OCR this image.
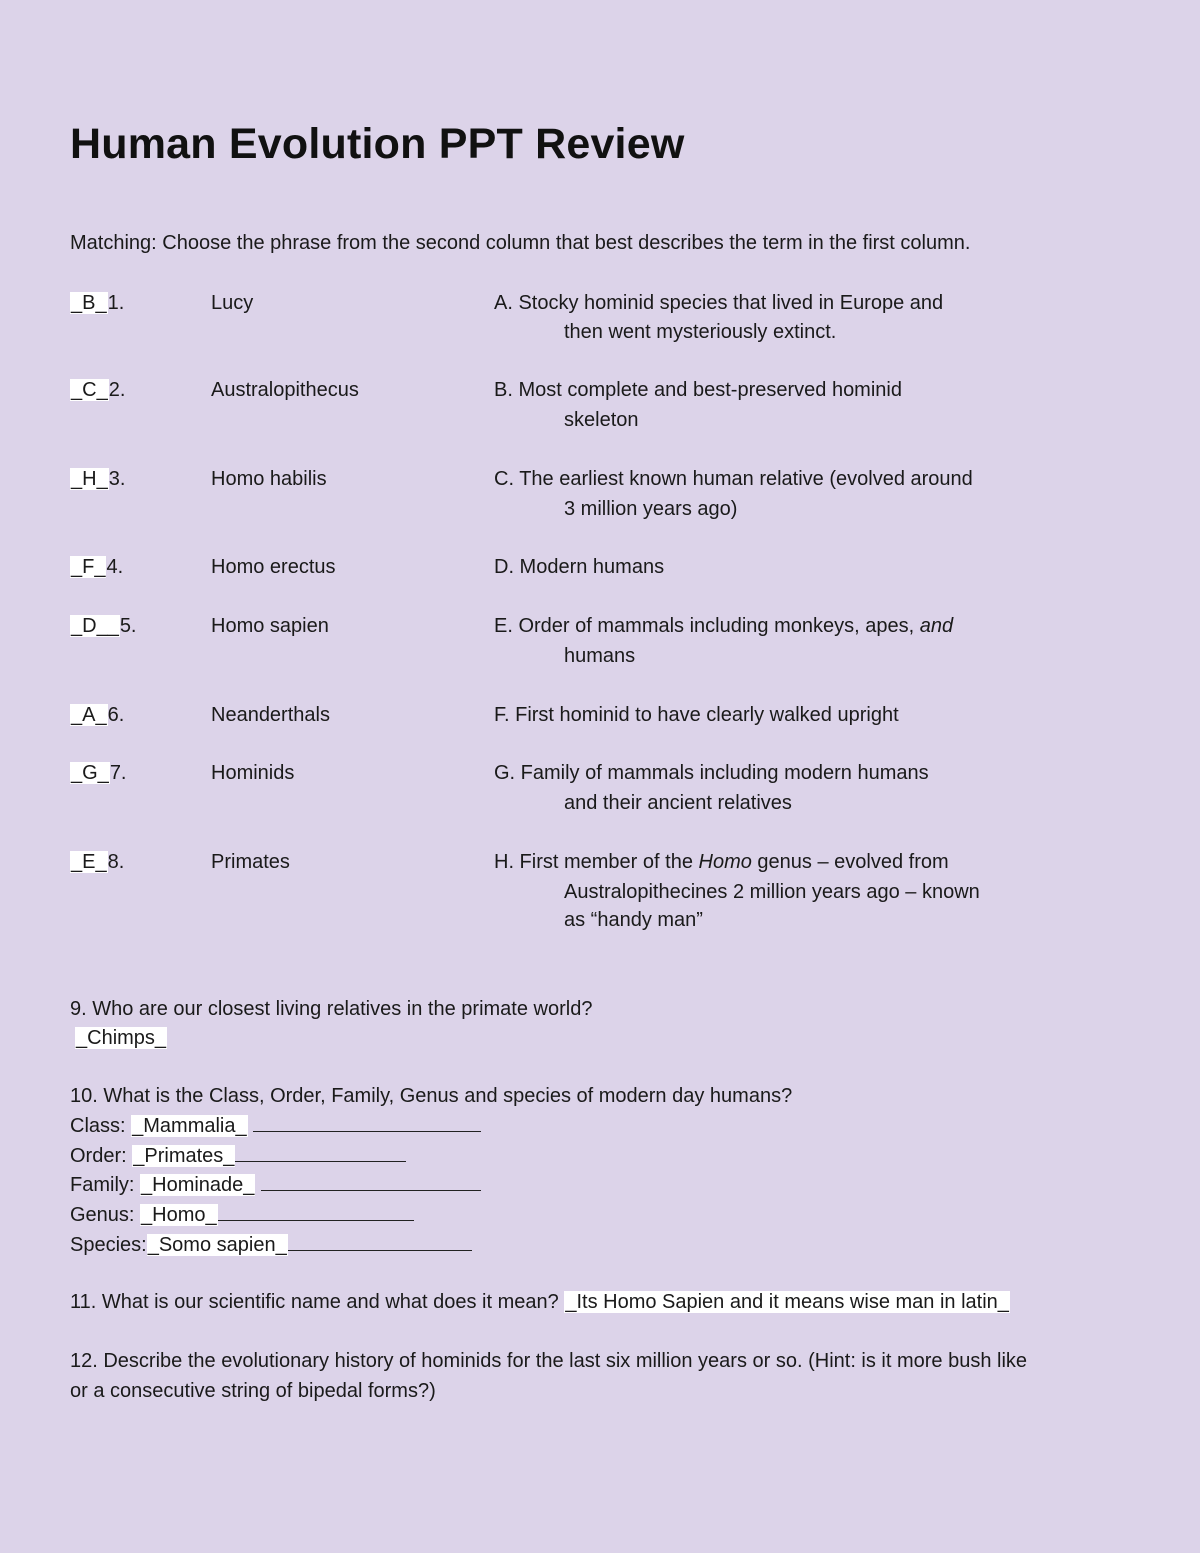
Human Evolution PPT Review
Matching: Choose the phrase from the second column that best describes the term in the first column.
_B_1.	Lucy	A. Stocky hominid species that lived in Europe and
then went mysteriously extinct.
_C_2.	Australopithecus	B. Most complete and best-preserved hominid
skeleton
_H_3.	Homo habilis	C. The earliest known human relative (evolved around
3 million years ago)
_F_4.	Homo erectus	D. Modern humans
_D__5.	Homo sapien	E. Order of mammals including monkeys, apes, and
humans
_A_6.	Neanderthals	F. First hominid to have clearly walked upright
_G_7.	Hominids	G. Family of mammals including modern humans
and their ancient relatives
_E_8.	Primates	H. First member of the Homo genus – evolved from
Australopithecines 2 million years ago – known
as “handy man”
9. Who are our closest living relatives in the primate world?
_Chimps_
10. What is the Class, Order, Family, Genus and species of modern day humans?
Class: _Mammalia_
Order: _Primates_
Family: _Hominade_
Genus: _Homo_
Species:_Somo sapien_
11. What is our scientific name and what does it mean? _Its Homo Sapien and it means wise man in latin_
12. Describe the evolutionary history of hominids for the last six million years or so. (Hint: is it more bush like
or a consecutive string of bipedal forms?)
